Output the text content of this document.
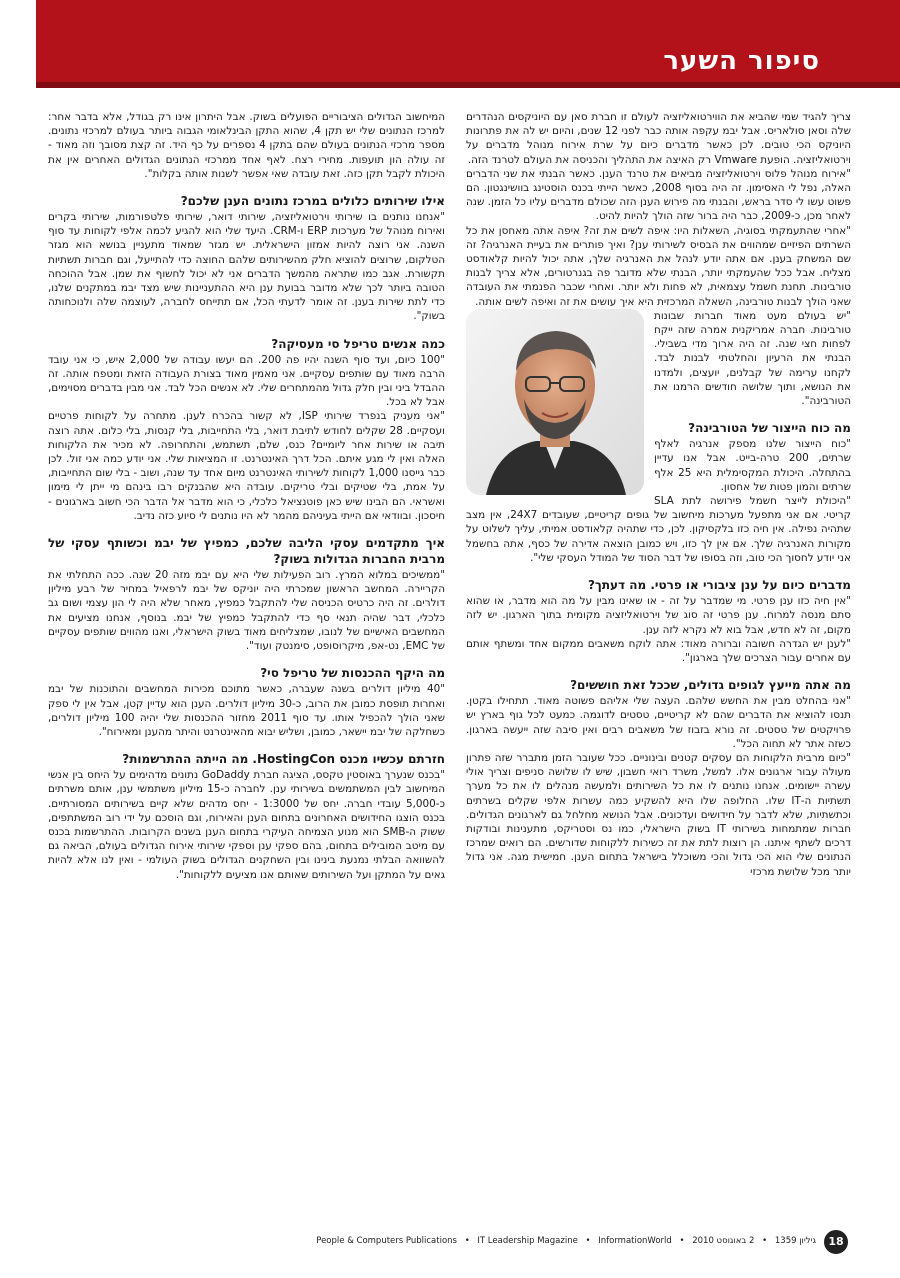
סיפור השער

צריך להגיד שמי שהביא את הווירטואליזציה לעולם זו חברת סאן עם היוניקסים הנהדרים שלה וסאן סולאריס. אבל יבמ עקפה אותה כבר לפני 12 שנים, והיום יש לה את פתרונות היוניקס הכי טובים. לכן כאשר מדברים כיום על שרת אירוח מנוהל מדברים על וירטואליזציה. הופעת Vmware רק האיצה את התהליך והכניסה את העולם לטרנד הזה.

"אירוח מנוהל פלוס וירטואליזציה מביאים את טרנד הענן. כאשר הבנתי את שני הדברים האלה, נפל לי האסימון. זה היה בסוף 2008, כאשר הייתי בכנס הוסטינג בוושינגטון. הם פשוט עשו לי סדר בראש, והבנתי מה פירוש הענן הזה שכולם מדברים עליו כל הזמן. שנה לאחר מכן, כ-2009, כבר היה ברור שזה הולך להיות להיט.

"אחרי שהתעמקתי בסוגיה, השאלות היו: איפה לשים את זה? איפה אתה מאחסן את כל השרתים הפיזיים שמהווים את הבסיס לשירותי ענן? ואיך פותרים את בעיית האנרגיה? זה שם המשחק בענן. אם אתה יודע לנהל את האנרגיה שלך, אתה יכול להיות קלאודסט מצליח. אבל ככל שהעמקתי יותר, הבנתי שלא מדובר פה בגנרטורים, אלא צריך לבנות טורבינות. תחנת חשמל עצמאית, לא פחות ולא יותר. ואחרי שכבר הפנמתי את העובדה שאני הולך לבנות טורבינה, השאלה המרכזית היא איך עושים את זה ואיפה לשים אותה.

"יש בעולם מעט מאוד חברות שבונות טורבינות. חברה אמריקנית אמרה שזה ייקח לפחות חצי שנה. זה היה ארוך מדי בשבילי. הבנתי את הרעיון והחלטתי לבנות לבד. לקחנו ערימה של קבלנים, יועצים, ולמדנו את הנושא, ותוך שלושה חודשים הרמנו את הטורבינה".

מה כוח הייצור של הטורבינה?

"כוח הייצור שלנו מספק אנרגיה לאלף שרתים, 200 טרה-בייט. אבל אנו עדיין בהתחלה. היכולת המקסימלית היא 25 אלף שרתים והמון פטות של אחסון.

"היכולת לייצר חשמל פירושה לתת SLA קריטי. אם אני מתפעל מערכות מיחשוב של גופים קריטיים, שעובדים 24X7, אין מצב שתהיה נפילה. אין חיה כזו בלקסיקון. לכן, כדי שתהיה קלאודסט אמיתי, עליך לשלוט על מקורות האנרגיה שלך. אם אין לך כזו, ויש כמובן הוצאה אדירה של כסף, אתה בחשמל אני יודע לחסוך הכי טוב, וזה בסופו של דבר הסוד של המודל העסקי שלי".

מדברים כיום על ענן ציבורי או פרטי. מה דעתך?

"אין חיה כזו ענן פרטי. מי שמדבר על זה - או שאינו מבין על מה הוא מדבר, או שהוא סתם מנסה למרוח. ענן פרטי זה סוג של וירטואליזציה מקומית בתוך הארגון. יש לזה מקום, זה לא חדש, אבל בוא לא נקרא לזה ענן.

"לענן יש הגדרה חשובה וברורה מאוד: אתה לוקח משאבים ממקום אחד ומשתף אותם עם אחרים עבור הצרכים שלך בארגון".

מה אתה מייעץ לגופים גדולים, שככל זאת חוששים?

"אני בהחלט מבין את החשש שלהם. העצה שלי אליהם פשוטה מאוד. תתחילו בקטן. תנסו להוציא את הדברים שהם לא קריטיים, טסטים לדוגמה. כמעט לכל גוף בארץ יש פרויקטים של טסטים. זה נורא בזבוז של משאבים רבים ואין סיבה שזה ייעשה בארגון. כשזה אתר לא תחוה הכל".

"כיום מרבית הלקוחות הם עסקים קטנים ובינוניים. ככל שעובר הזמן מתברר שזה פתרון מעולה עבור ארגונים אלו. למשל, משרד רואי חשבון, שיש לו שלושה סניפים וצריך אולי עשרה יישומים. אנחנו נותנים לו את כל השירותים ולמעשה מנהלים לו את כל מערך תשתיות ה-IT שלו. החלופה שלו היא להשקיע כמה עשרות אלפי שקלים בשרתים וכתשתיות, שלא לדבר על חידושים ועדכונים. אבל הנושא מחלחל גם לארגונים הגדולים. חברות שמתמחות בשירותי IT בשוק הישראלי, כמו נס וסטריקס, מתענינות ובודקות דרכים לשתף איתנו. הן רוצות לתת את זה כשירות ללקוחות שדורשים. הם רואים שמרכז הנתונים שלי הוא הכי גדול והכי משוכלל בישראל בתחום הענן. חמישית מגה. אני גדול יותר מכל שלושת מרכזי

המיחשוב הגדולים הציבוריים הפועלים בשוק. אבל היתרון אינו רק בגודל, אלא בדבר אחר: למרכז הנתונים שלי יש תקן 4, שהוא התקן הבינלאומי הגבוה ביותר בעולם למרכזי נתונים. מספר מרכזי הנתונים בעולם שהם בתקן 4 נספרים על כף היד. זה קצת מסובך וזה מאוד - זה עולה הון תועפות. מחירי רצח. לאף אחד ממרכזי הנתונים הגדולים האחרים אין את היכולת לקבל תקן כזה. זאת עובדה שאי אפשר לשנות אותה בקלות".

אילו שירותים כלולים במרכז נתונים הענן שלכם?

"אנחנו נותנים בו שירותי וירטואליזציה, שירותי דואר, שירותי פלטפורמות, שירותי בקרים ואירוח מנוהל של מערכות ERP ו-CRM. היעד שלי הוא להגיע לכמה אלפי לקוחות עד סוף השנה. אני רוצה להיות אמזון הישראלית. יש מגזר שמאוד מתעניין בנושא הוא מגזר הטלקום, שרוצים להוציא חלק מהשירותים שלהם החוצה כדי להתייעל, וגם חברות תשתיות תקשורת. אגב כמו שתראה מהמשך הדברים אני לא יכול לחשוף את שמן. אבל ההוכחה הטובה ביותר לכך שלא מדובר בבועת ענן היא ההתעניינות שיש מצד יבמ במתקנים שלנו, כדי לתת שירות בענן. זה אומר לדעתי הכל, אם תתייחס לחברה, לעוצמה שלה ולנוכחותה בשוק".

כמה אנשים טריפל סי מעסיקה?

"100 כיום, ועד סוף השנה יהיו פה 200. הם יעשו עבודה של 2,000 איש, כי אני עובד הרבה מאוד עם שותפים עסקיים. אני מאמין מאוד בצורת העבודה הזאת ומטפח אותה. זה ההבדל ביני ובין חלק גדול מהמתחרים שלי. לא אנשים הכל לבד. אני מבין בדברים מסוימים, אבל לא בכל.

"אני מעניק בנפרד שירותי ISP, לא קשור בהכרח לענן. מתחרה על לקוחות פרטיים ועסקיים. 28 שקלים לחודש לתיבת דואר, בלי התחייבות, בלי קנסות, בלי כלום. אתה רוצה תיבה או שירות אחר ליומיים? כנס, שלם, תשתמש, והתחרופה. לא מכיר את הלקוחות האלה ואין לי מגע איתם. הכל דרך האינטרנט. זו המציאות שלי. אני יודע כמה אני זול. לכן כבר גייסנו 1,000 לקוחות לשירותי האינטרנט מיום אחד עד שנה, ושוב - בלי שום התחייבות, על אמת, בלי שטיקים ובלי טריקים. עובדה היא שהבנקים רבו בינהם מי ייתן לי מימון ואשראי. הם הבינו שיש כאן פוטנציאל כלכלי, כי הוא מדבר אל הדבר הכי חשוב בארגונים - חיסכון. ובוודאי אם הייתי בעיניהם מהמר לא היו נותנים לי סיוע כזה נדיב.

איך מתקדמים עסקי הליבה שלכם, כמפיץ של יבמ וכשותף עסקי של מרבית החברות הגדולות בשוק?

"ממשיכים במלוא המרץ. רוב הפעילות שלי היא עם יבמ מזה 20 שנה. ככה התחלתי את הקריירה. המחשב הראשון שמכרתי היה יוניקס של יבמ לרפאיל במחיר של רבע מיליון דולרים. זה היה כרטיס הכניסה שלי להתקבל כמפיץ, מאחר שלא היה לי הון עצמי ושום גב כלכלי, דבר שהיה תנאי סף כדי להתקבל כמפיץ של יבמ. בנוסף, אנחנו מציעים את המחשבים האישיים של לנובו, שמצליחים מאוד בשוק הישראלי, ואנו מהווים שותפים עסקיים של EMC, נט-אפ, מיקרוסופט, סימנטק ועוד".

מה היקף ההכנסות של טריפל סי?

"40 מיליון דולרים בשנה שעברה, כאשר מתוכם מכירות המחשבים והתוכנות של יבמ ואחרות תופסת כמובן את הרוב, כ-30 מיליון דולרים. הענן הוא עדיין קטן, אבל אין לי ספק שאני הולך להכפיל אותו. עד סוף 2011 מחזור ההכנסות שלי יהיה 100 מיליון דולרים, כשחלקה של יבמ יישאר, כמובן, ושליש יבוא מהאינטרנט והיתר מהענן ומאירוח".

חזרתם עכשיו מכנס HostingCon. מה הייתה ההתרשמות?

"בכנס שנערך באוסטין טקסס, הציגה חברת GoDaddy נתונים מדהימים על היחס בין אנשי המיחשוב לבין המשתמשים בשירותי ענן. לחברה כ-15 מיליון משתמשי ענן, אותם משרתים כ-5,000 עובדי חברה. יחס של 1:3000 - יחס מדהים שלא קיים בשירותים המסורתיים. בכנס הוצגו החידושים האחרונים בתחום הענן והאירוח, וגם הוסכם על ידי רוב המשתתפים, ששוק ה-SMB הוא מנוע הצמיחה העיקרי בתחום הענן בשנים הקרובות. ההתרשמות בכנס עם מיטב המובילים בתחום, בהם ספקי ענן וספקי שירותי אירוח הגדולים בעולם, הביאה גם להשוואה הבלתי נמנעת בינינו ובין השחקנים הגדולים בשוק העולמי - ואין לנו אלא להיות גאים על המתקן ועל השירותים שאותם אנו מציעים ללקוחות".

18
גיליון 1359 • 2 באוגוסט 2010 • People & Computers Publications • IT Leadership Magazine • InformationWorld
